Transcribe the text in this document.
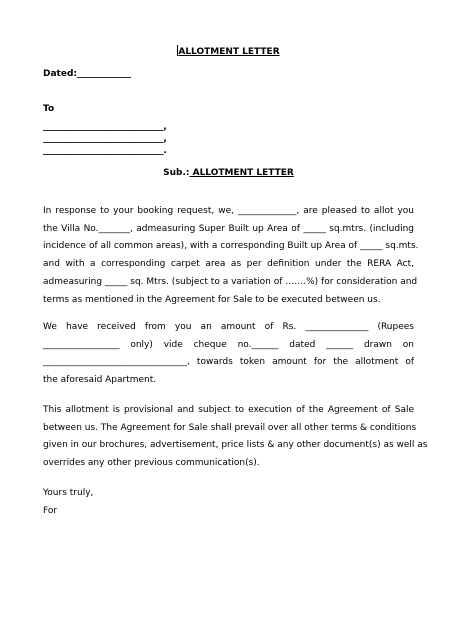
ALLOTMENT LETTER
Dated:____________
To
____________________________,
____________________________,
____________________________.
Sub.: ALLOTMENT LETTER
In response to your booking request, we, _____________, are pleased to allot you
the Villa No._______, admeasuring Super Built up Area of _____ sq.mtrs. (including
incidence of all common areas), with a corresponding Built up Area of _____ sq.mts.
and with a corresponding carpet area as per definition under the RERA Act,
admeasuring _____ sq. Mtrs. (subject to a variation of …….%) for consideration and
terms as mentioned in the Agreement for Sale to be executed between us.
We have received from you an amount of Rs. ______________ (Rupees
_________________ only) vide cheque no.______ dated ______ drawn on
________________________________, towards token amount for the allotment of
the aforesaid Apartment.
This allotment is provisional and subject to execution of the Agreement of Sale
between us. The Agreement for Sale shall prevail over all other terms & conditions
given in our brochures, advertisement, price lists & any other document(s) as well as
overrides any other previous communication(s).
Yours truly,
For
